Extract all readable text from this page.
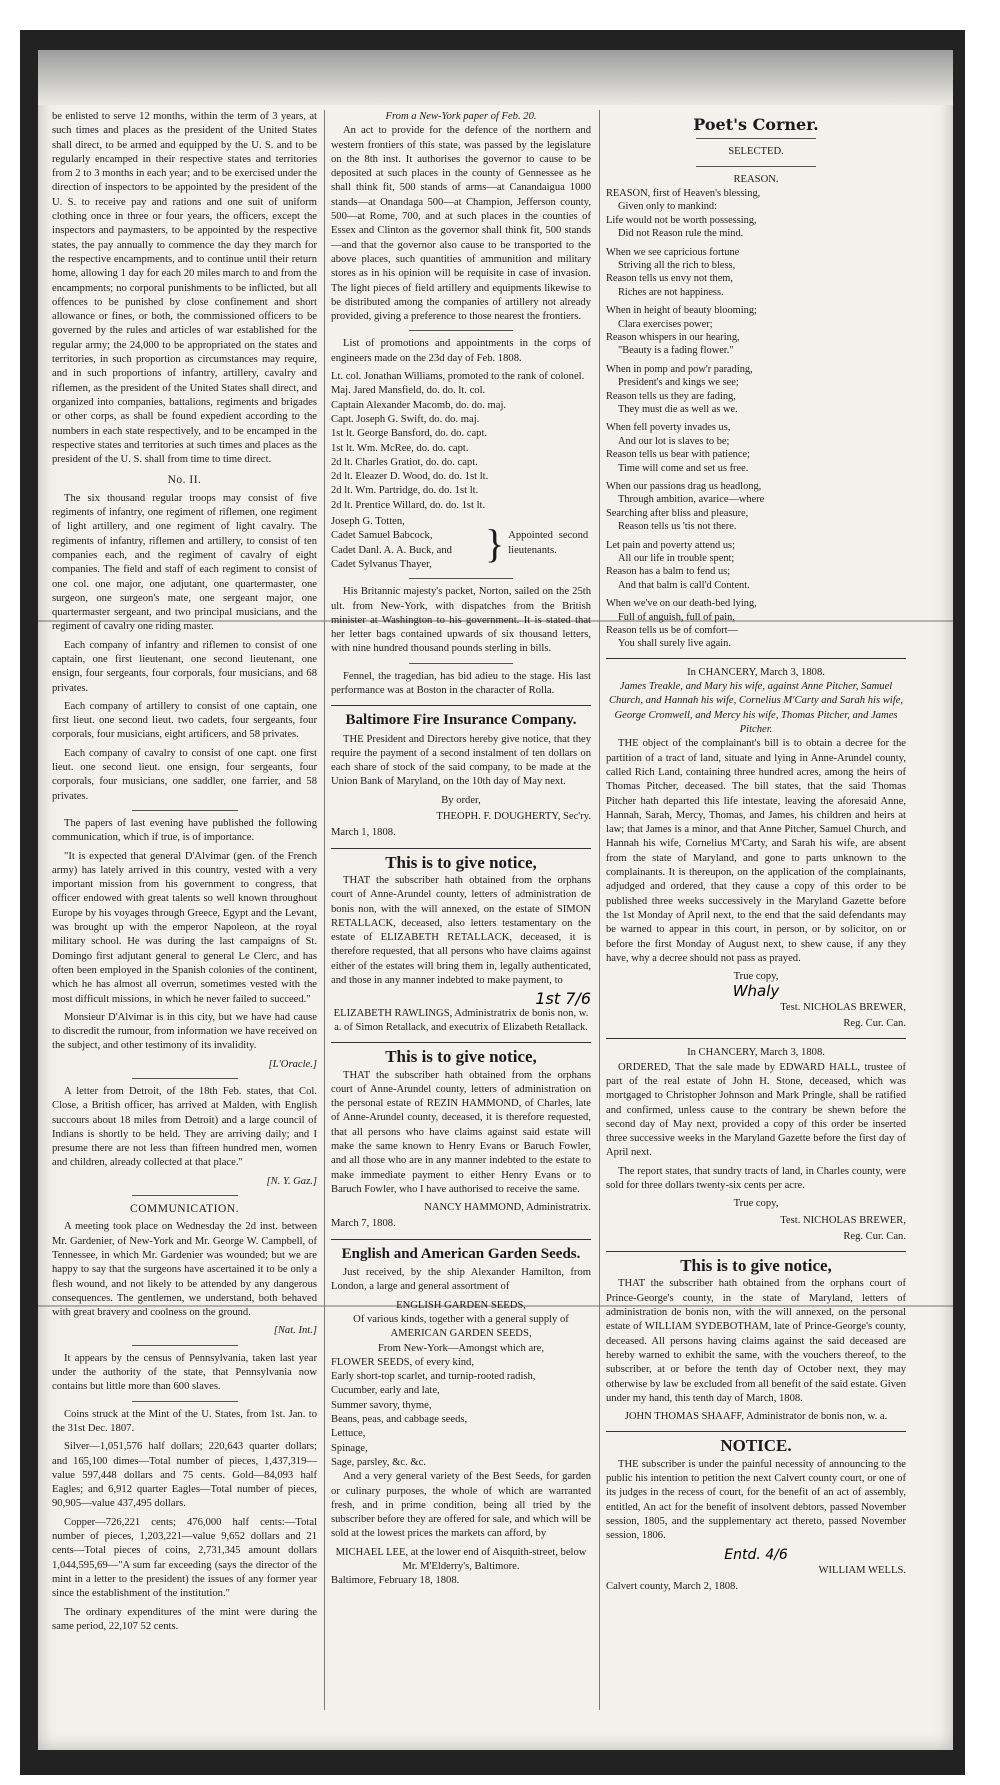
be enlisted to serve 12 months, within the term of 3 years, at such times and places as the president of the United States shall direct, to be armed and equipped by the U. S. and to be regularly encamped in their respective states and territories from 2 to 3 months in each year; and to be exercised under the direction of inspectors to be appointed by the president of the U. S. to receive pay and rations and one suit of uniform clothing once in three or four years, the officers, except the inspectors and paymasters, to be appointed by the respective states, the pay annually to commence the day they march for the respective encampments, and to continue until their return home, allowing 1 day for each 20 miles march to and from the encampments; no corporal punishments to be inflicted, but all offences to be punished by close confinement and short allowance or fines, or both, the commissioned officers to be governed by the rules and articles of war established for the regular army; the 24,000 to be appropriated on the states and territories, in such proportion as circumstances may require, and in such proportions of infantry, artillery, cavalry and riflemen, as the president of the United States shall direct, and organized into companies, battalions, regiments and brigades or other corps, as shall be found expedient according to the numbers in each state respectively, and to be encamped in the respective states and territories at such times and places as the president of the U. S. shall from time to time direct.

No. II.

The six thousand regular troops may consist of five regiments of infantry, one regiment of riflemen, one regiment of light artillery, and one regiment of light cavalry. The regiments of infantry, riflemen and artillery, to consist of ten companies each, and the regiment of cavalry of eight companies. The field and staff of each regiment to consist of one col. one major, one adjutant, one quartermaster, one surgeon, one surgeon's mate, one sergeant major, one quartermaster sergeant, and two principal musicians, and the regiment of cavalry one riding master.

Each company of infantry and riflemen to consist of one captain, one first lieutenant, one second lieutenant, one ensign, four sergeants, four corporals, four musicians, and 68 privates.

Each company of artillery to consist of one captain, one first lieut. one second lieut. two cadets, four sergeants, four corporals, four musicians, eight artificers, and 58 privates.

Each company of cavalry to consist of one capt. one first lieut. one second lieut. one ensign, four sergeants, four corporals, four musicians, one saddler, one farrier, and 58 privates.

The papers of last evening have published the following communication, which if true, is of importance.

"It is expected that general D'Alvimar (gen. of the French army) has lately arrived in this country, vested with a very important mission from his government to congress, that officer endowed with great talents so well known throughout Europe by his voyages through Greece, Egypt and the Levant, was brought up with the emperor Napoleon, at the royal military school. He was during the last campaigns of St. Domingo first adjutant general to general Le Clerc, and has often been employed in the Spanish colonies of the continent, which he has almost all overrun, sometimes vested with the most difficult missions, in which he never failed to succeed."

Monsieur D'Alvimar is in this city, but we have had cause to discredit the rumour, from information we have received on the subject, and other testimony of its invalidity.

[L'Oracle.]

A letter from Detroit, of the 18th Feb. states, that Col. Close, a British officer, has arrived at Malden, with English succours about 18 miles from Detroit) and a large council of Indians is shortly to be held. They are arriving daily; and I presume there are not less than fifteen hundred men, women and children, already collected at that place."

[N. Y. Gaz.]
COMMUNICATION.

A meeting took place on Wednesday the 2d inst. between Mr. Gardenier, of New-York and Mr. George W. Campbell, of Tennessee, in which Mr. Gardenier was wounded; but we are happy to say that the surgeons have ascertained it to be only a flesh wound, and not likely to be attended by any dangerous consequences. The gentlemen, we understand, both behaved with great bravery and coolness on the ground.

[Nat. Int.]

It appears by the census of Pennsylvania, taken last year under the authority of the state, that Pennsylvania now contains but little more than 600 slaves.

Coins struck at the Mint of the U. States, from 1st. Jan. to the 31st Dec. 1807.

Silver—1,051,576 half dollars; 220,643 quarter dollars; and 165,100 dimes—Total number of pieces, 1,437,319—value 597,448 dollars and 75 cents. Gold—84,093 half Eagles; and 6,912 quarter Eagles—Total number of pieces, 90,905—value 437,495 dollars.

Copper—726,221 cents; 476,000 half cents:—Total number of pieces, 1,203,221—value 9,652 dollars and 21 cents—Total pieces of coins, 2,731,345 amount dollars 1,044,595,69—"A sum far exceeding (says the director of the mint in a letter to the president) the issues of any former year since the establishment of the institution."

The ordinary expenditures of the mint were during the same period, 22,107 52 cents.

From a New-York paper of Feb. 20.

An act to provide for the defence of the northern and western frontiers of this state, was passed by the legislature on the 8th inst. It authorises the governor to cause to be deposited at such places in the county of Gennessee as he shall think fit, 500 stands of arms—at Canandaigua 1000 stands—at Onandaga 500—at Champion, Jefferson county, 500—at Rome, 700, and at such places in the counties of Essex and Clinton as the governor shall think fit, 500 stands—and that the governor also cause to be transported to the above places, such quantities of ammunition and military stores as in his opinion will be requisite in case of invasion. The light pieces of field artillery and equipments likewise to be distributed among the companies of artillery not already provided, giving a preference to those nearest the frontiers.

List of promotions and appointments in the corps of engineers made on the 23d day of Feb. 1808.

Lt. col. Jonathan Williams, promoted to the rank of colonel.
Maj. Jared Mansfield, do. do. lt. col.
Captain Alexander Macomb, do. do. maj.
Capt. Joseph G. Swift, do. do. maj.
1st lt. George Bansford, do. do. capt.
1st lt. Wm. McRee, do. do. capt.
2d lt. Charles Gratiot, do. do. capt.
2d lt. Eleazer D. Wood, do. do. 1st lt.
2d lt. Wm. Partridge, do. do. 1st lt.
2d lt. Prentice Willard, do. do. 1st lt.
Joseph G. Totten,
Cadet Samuel Babcock,
Cadet Danl. A. A. Buck, and
Cadet Sylvanus Thayer,	} Appointed second lieutenants.

His Britannic majesty's packet, Norton, sailed on the 25th ult. from New-York, with dispatches from the British minister at Washington to his government. It is stated that her letter bags contained upwards of six thousand letters, with nine hundred thousand pounds sterling in bills.

Fennel, the tragedian, has bid adieu to the stage. His last performance was at Boston in the character of Rolla.

Baltimore Fire Insurance Company.

THE President and Directors hereby give notice, that they require the payment of a second instalment of ten dollars on each share of stock of the said company, to be made at the Union Bank of Maryland, on the 10th day of May next.

By order,
THEOPH. F. DOUGHERTY, Sec'ry.
March 1, 1808.
This is to give notice,

THAT the subscriber hath obtained from the orphans court of Anne-Arundel county, letters of administration de bonis non, with the will annexed, on the estate of SIMON RETALLACK, deceased, also letters testamentary on the estate of ELIZABETH RETALLACK, deceased, it is therefore requested, that all persons who have claims against either of the estates will bring them in, legally authenticated, and those in any manner indebted to make payment, to

1st 7/6
ELIZABETH RAWLINGS, Administratrix de bonis non, w. a. of Simon Retallack, and executrix of Elizabeth Retallack.
This is to give notice,

THAT the subscriber hath obtained from the orphans court of Anne-Arundel county, letters of administration on the personal estate of REZIN HAMMOND, of Charles, late of Anne-Arundel county, deceased, it is therefore requested, that all persons who have claims against said estate will make the same known to Henry Evans or Baruch Fowler, and all those who are in any manner indebted to the estate to make immediate payment to either Henry Evans or to Baruch Fowler, who I have authorised to receive the same.

NANCY HAMMOND, Administratrix.
March 7, 1808.
English and American Garden Seeds.

Just received, by the ship Alexander Hamilton, from London, a large and general assortment of

ENGLISH GARDEN SEEDS,
Of various kinds, together with a general supply of
AMERICAN GARDEN SEEDS,
From New-York—Amongst which are,
FLOWER SEEDS, of every kind,
Early short-top scarlet, and turnip-rooted radish,
Cucumber, early and late,
Summer savory, thyme,
Beans, peas, and cabbage seeds,
Lettuce,
Spinage,
Sage, parsley, &c. &c.

And a very general variety of the Best Seeds, for garden or culinary purposes, the whole of which are warranted fresh, and in prime condition, being all tried by the subscriber before they are offered for sale, and which will be sold at the lowest prices the markets can afford, by

MICHAEL LEE, at the lower end of Aisquith-street, below Mr. M'Elderry's, Baltimore.
Baltimore, February 18, 1808.
Poet's Corner.
SELECTED.
REASON.
REASON, first of Heaven's blessing,
Given only to mankind:
Life would not be worth possessing,
Did not Reason rule the mind.
When we see capricious fortune
Striving all the rich to bless,
Reason tells us envy not them,
Riches are not happiness.
When in height of beauty blooming;
Clara exercises power;
Reason whispers in our hearing,
"Beauty is a fading flower."
When in pomp and pow'r parading,
President's and kings we see;
Reason tells us they are fading,
They must die as well as we.
When fell poverty invades us,
And our lot is slaves to be;
Reason tells us bear with patience;
Time will come and set us free.
When our passions drag us headlong,
Through ambition, avarice—where
Searching after bliss and pleasure,
Reason tells us 'tis not there.
Let pain and poverty attend us;
All our life in trouble spent;
Reason has a balm to fend us;
And that balm is call'd Content.
When we've on our death-bed lying,
Full of anguish, full of pain,
Reason tells us be of comfort—
You shall surely live again.
In CHANCERY, March 3, 1808.
James Treakle, and Mary his wife, against Anne Pitcher, Samuel Church, and Hannah his wife, Cornelius M'Carty and Sarah his wife, George Cromwell, and Mercy his wife, Thomas Pitcher, and James Pitcher.

THE object of the complainant's bill is to obtain a decree for the partition of a tract of land, situate and lying in Anne-Arundel county, called Rich Land, containing three hundred acres, among the heirs of Thomas Pitcher, deceased. The bill states, that the said Thomas Pitcher hath departed this life intestate, leaving the aforesaid Anne, Hannah, Sarah, Mercy, Thomas, and James, his children and heirs at law; that James is a minor, and that Anne Pitcher, Samuel Church, and Hannah his wife, Cornelius M'Carty, and Sarah his wife, are absent from the state of Maryland, and gone to parts unknown to the complainants. It is thereupon, on the application of the complainants, adjudged and ordered, that they cause a copy of this order to be published three weeks successively in the Maryland Gazette before the 1st Monday of April next, to the end that the said defendants may be warned to appear in this court, in person, or by solicitor, on or before the first Monday of August next, to shew cause, if any they have, why a decree should not pass as prayed.

True copy,
Whaly
Test. NICHOLAS BREWER,
Reg. Cur. Can.
In CHANCERY, March 3, 1808.

ORDERED, That the sale made by EDWARD HALL, trustee of part of the real estate of John H. Stone, deceased, which was mortgaged to Christopher Johnson and Mark Pringle, shall be ratified and confirmed, unless cause to the contrary be shewn before the second day of May next, provided a copy of this order be inserted three successive weeks in the Maryland Gazette before the first day of April next.

The report states, that sundry tracts of land, in Charles county, were sold for three dollars twenty-six cents per acre.

True copy,
Test. NICHOLAS BREWER,
Reg. Cur. Can.
This is to give notice,

THAT the subscriber hath obtained from the orphans court of Prince-George's county, in the state of Maryland, letters of administration de bonis non, with the will annexed, on the personal estate of WILLIAM SYDEBOTHAM, late of Prince-George's county, deceased. All persons having claims against the said deceased are hereby warned to exhibit the same, with the vouchers thereof, to the subscriber, at or before the tenth day of October next, they may otherwise by law be excluded from all benefit of the said estate. Given under my hand, this tenth day of March, 1808.

JOHN THOMAS SHAAFF, Administrator de bonis non, w. a.
NOTICE.

THE subscriber is under the painful necessity of announcing to the public his intention to petition the next Calvert county court, or one of its judges in the recess of court, for the benefit of an act of assembly, entitled, An act for the benefit of insolvent debtors, passed November session, 1805, and the supplementary act thereto, passed November session, 1806.

Entd. 4/6
WILLIAM WELLS.
Calvert county, March 2, 1808.
